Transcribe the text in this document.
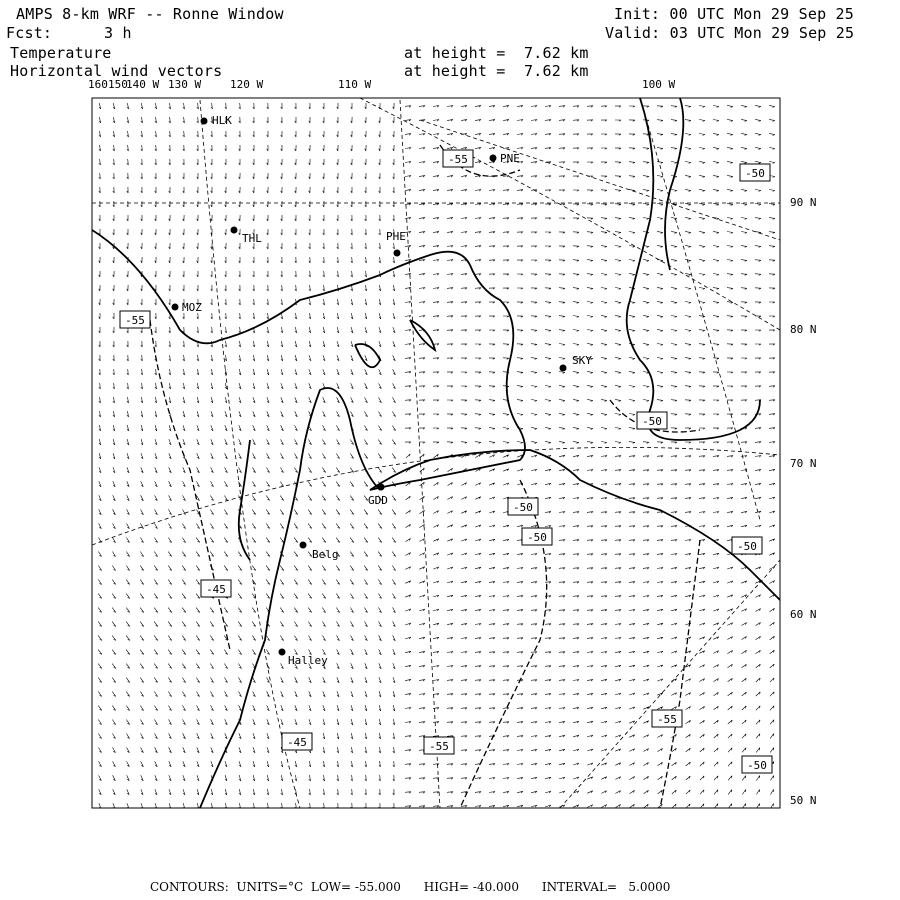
AMPS 8-km WRF -- Ronne Window	Init: 00 UTC Mon 29 Sep 25
Fcst:	3 h	Valid: 03 UTC Mon 29 Sep 25
Temperature	at height =  7.62 km
Horizontal wind vectors	at height =  7.62 km
-55
-50
-55
-50
-50
-50
-50
-45
-55
-45	-55
-50
160 150
140 W 130 W	120 W	110 W	100 W
90 N
80 N
70 N
60 N
50 N
HLK
PNE
THL	PHE
MOZ
SKY
GDD
Belg
Halley
CONTOURS:  UNITS=°C  LOW= -55.000      HIGH= -40.000      INTERVAL=   5.0000
